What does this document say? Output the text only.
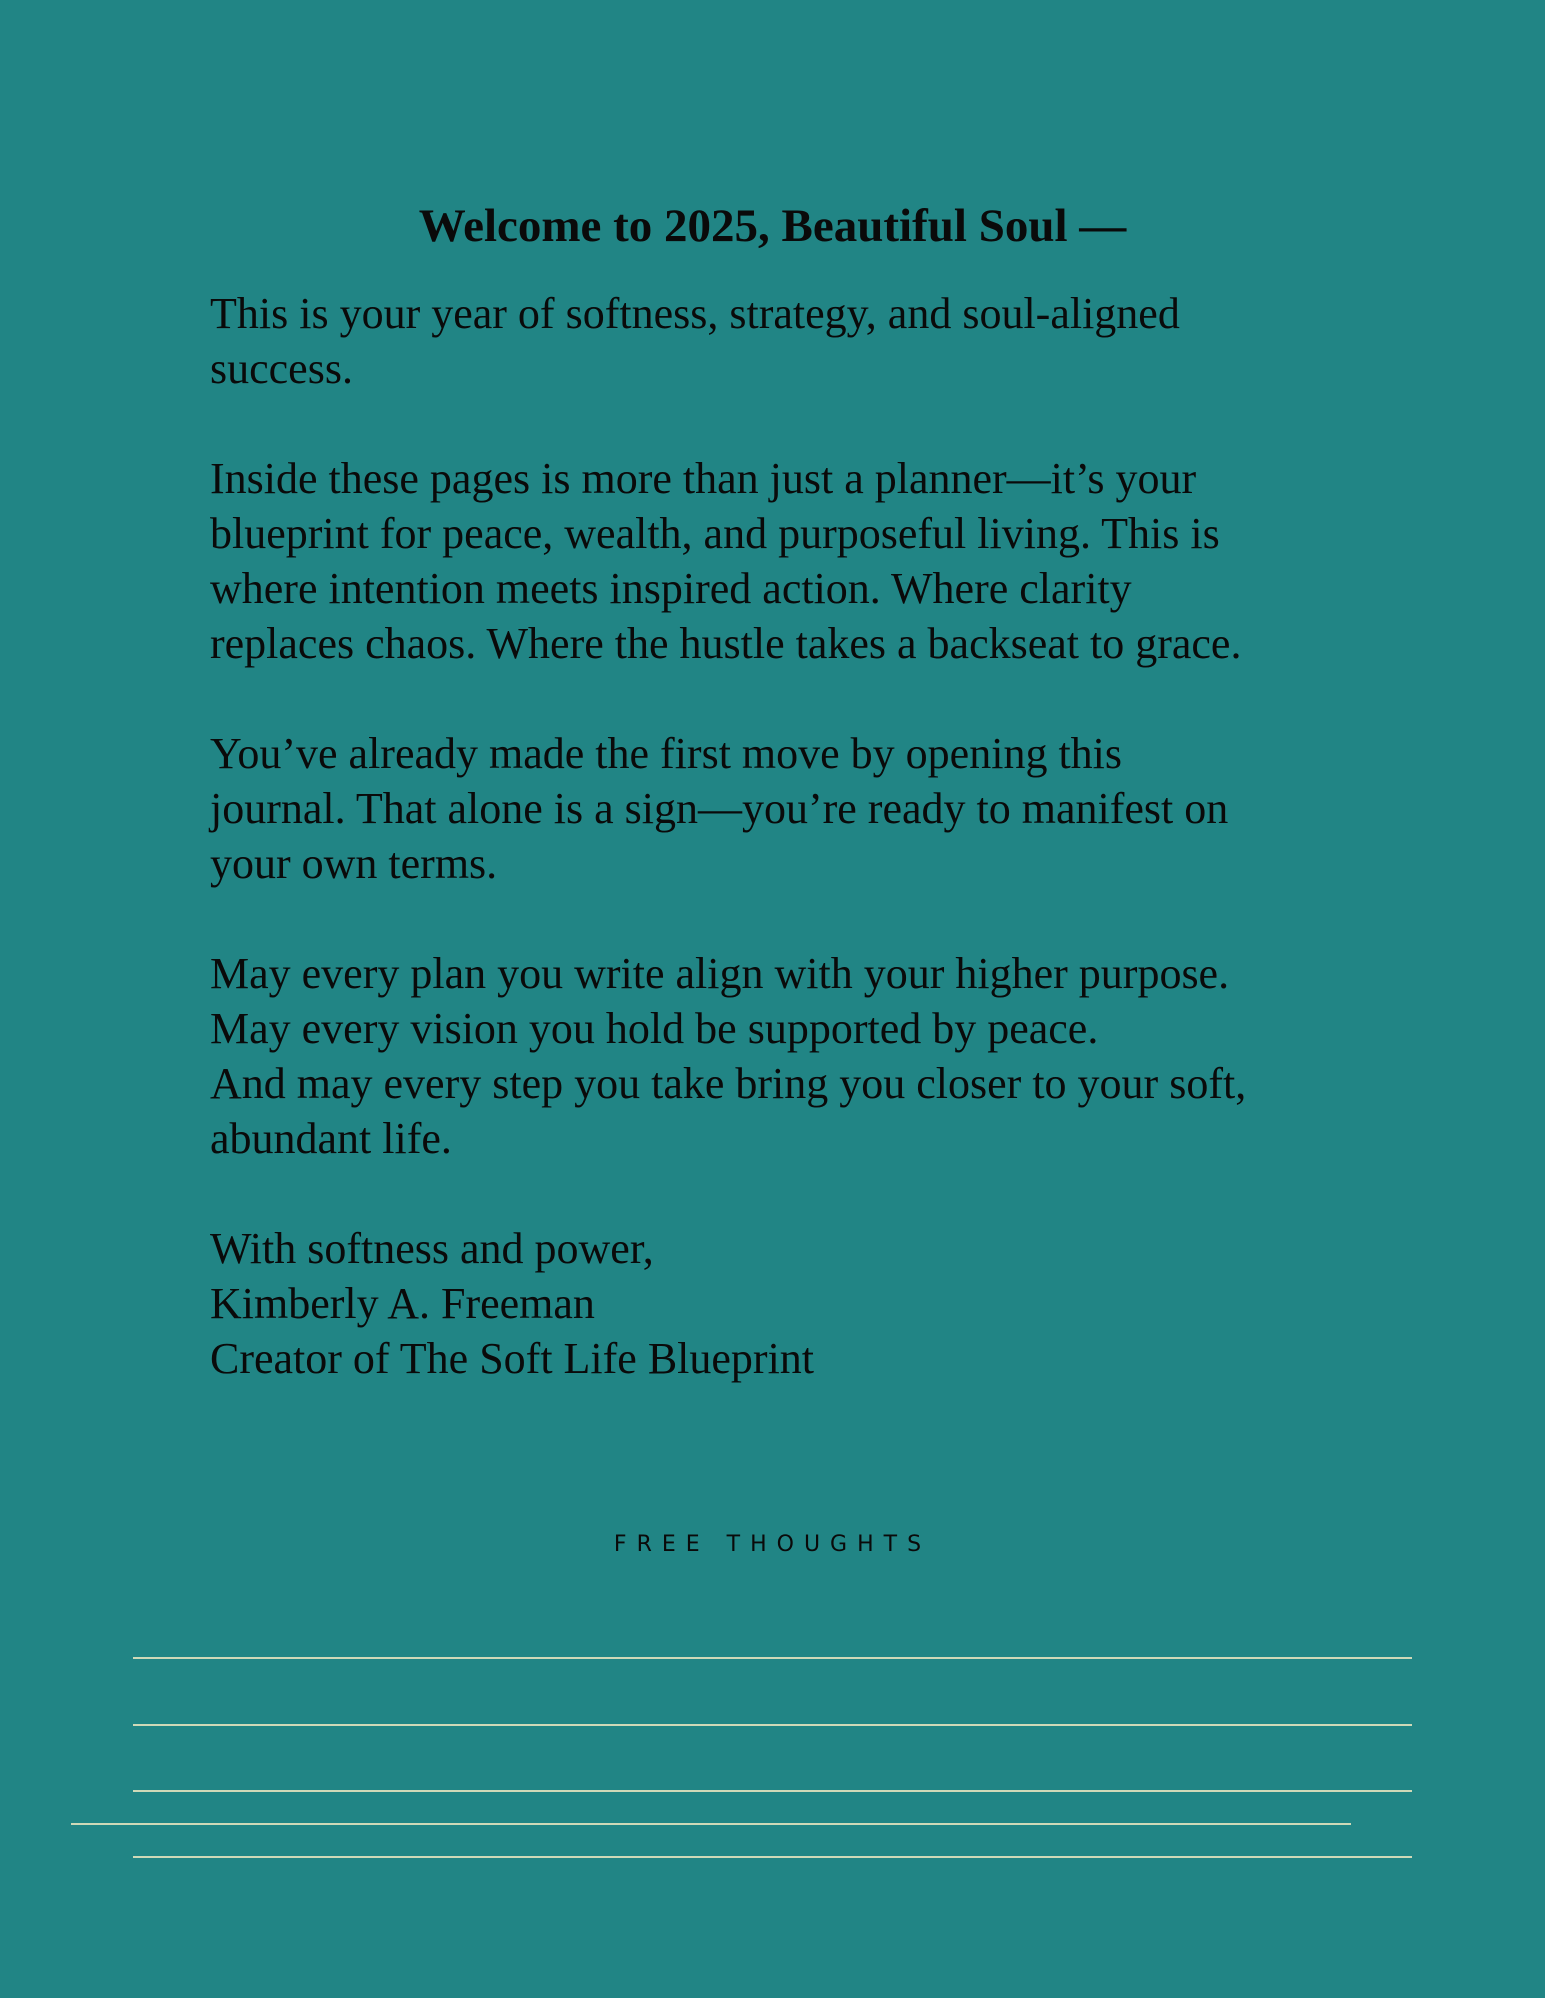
Welcome to 2025, Beautiful Soul —

This is your year of softness, strategy, and soul-aligned
success.

Inside these pages is more than just a planner—it’s your
blueprint for peace, wealth, and purposeful living. This is
where intention meets inspired action. Where clarity
replaces chaos. Where the hustle takes a backseat to grace.

You’ve already made the first move by opening this
journal. That alone is a sign—you’re ready to manifest on
your own terms.

May every plan you write align with your higher purpose.
May every vision you hold be supported by peace.
And may every step you take bring you closer to your soft,
abundant life.

With softness and power,
Kimberly A. Freeman
Creator of The Soft Life Blueprint

FREE THOUGHTS
